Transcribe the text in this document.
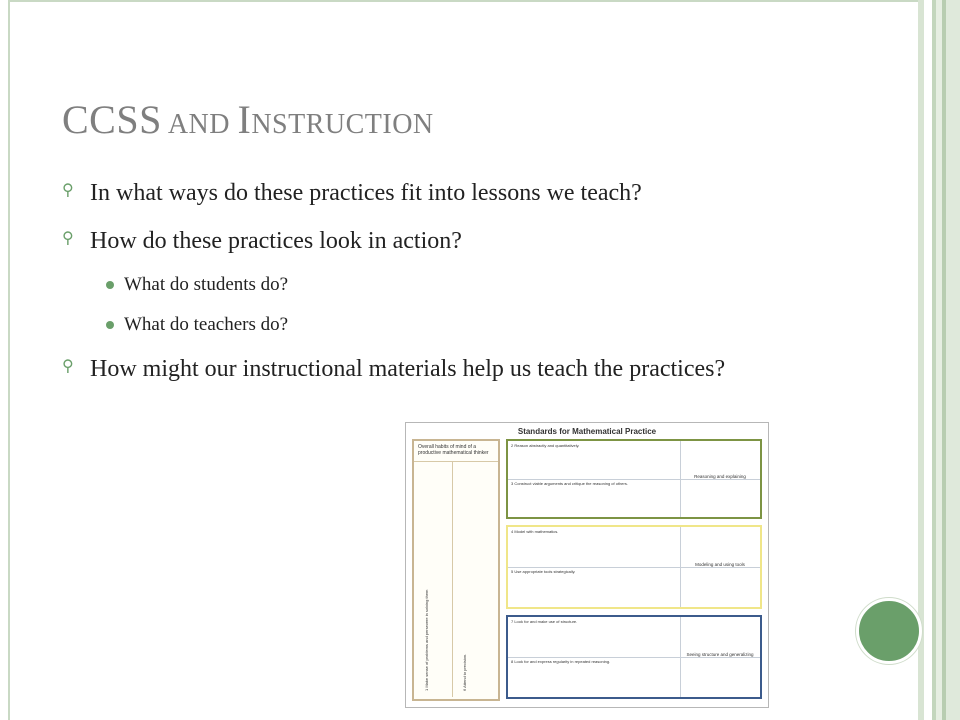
CCSS AND INSTRUCTION
⚲ In what ways do these practices fit into lessons we teach?
⚲ How do these practices look in action?
What do students do?
What do teachers do?
⚲ How might our instructional materials help us teach the practices?
Standards for Mathematical Practice
Overall habits of mind of a productive mathematical thinker
1 Make sense of problems and persevere in solving them	6 Attend to precision.
2 Reason abstractly and quantitatively.
3 Construct viable arguments and critique the reasoning of others.
Reasoning and explaining
4 Model with mathematics.
5 Use appropriate tools strategically.
Modeling and using tools
7 Look for and make use of structure.
8 Look for and express regularity in repeated reasoning.
Seeing structure and generalizing
